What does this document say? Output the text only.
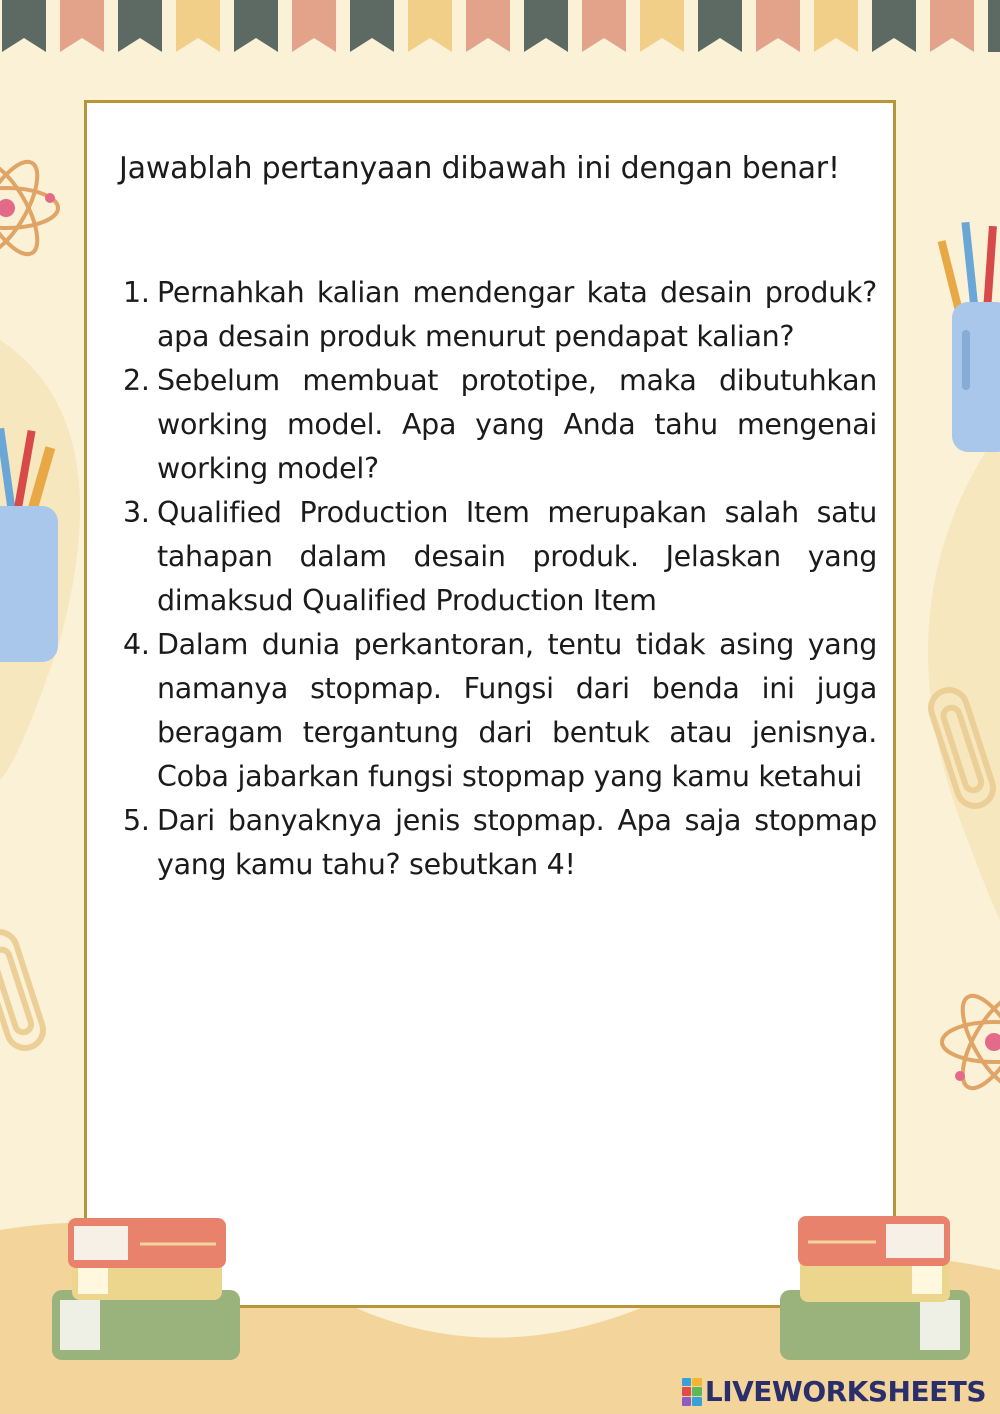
Jawablah pertanyaan dibawah ini dengan benar!
1. Pernahkah kalian mendengar kata desain produk? apa desain produk menurut pendapat kalian?
2. Sebelum membuat prototipe, maka dibutuhkan working model. Apa yang Anda tahu mengenai working model?
3. Qualified Production Item merupakan salah satu tahapan dalam desain produk. Jelaskan yang dimaksud Qualified Production Item
4. Dalam dunia perkantoran, tentu tidak asing yang namanya stopmap. Fungsi dari benda ini juga beragam tergantung dari bentuk atau jenisnya. Coba jabarkan fungsi stopmap yang kamu ketahui
5. Dari banyaknya jenis stopmap. Apa saja stopmap yang kamu tahu? sebutkan 4!
LIVEWORKSHEETS
